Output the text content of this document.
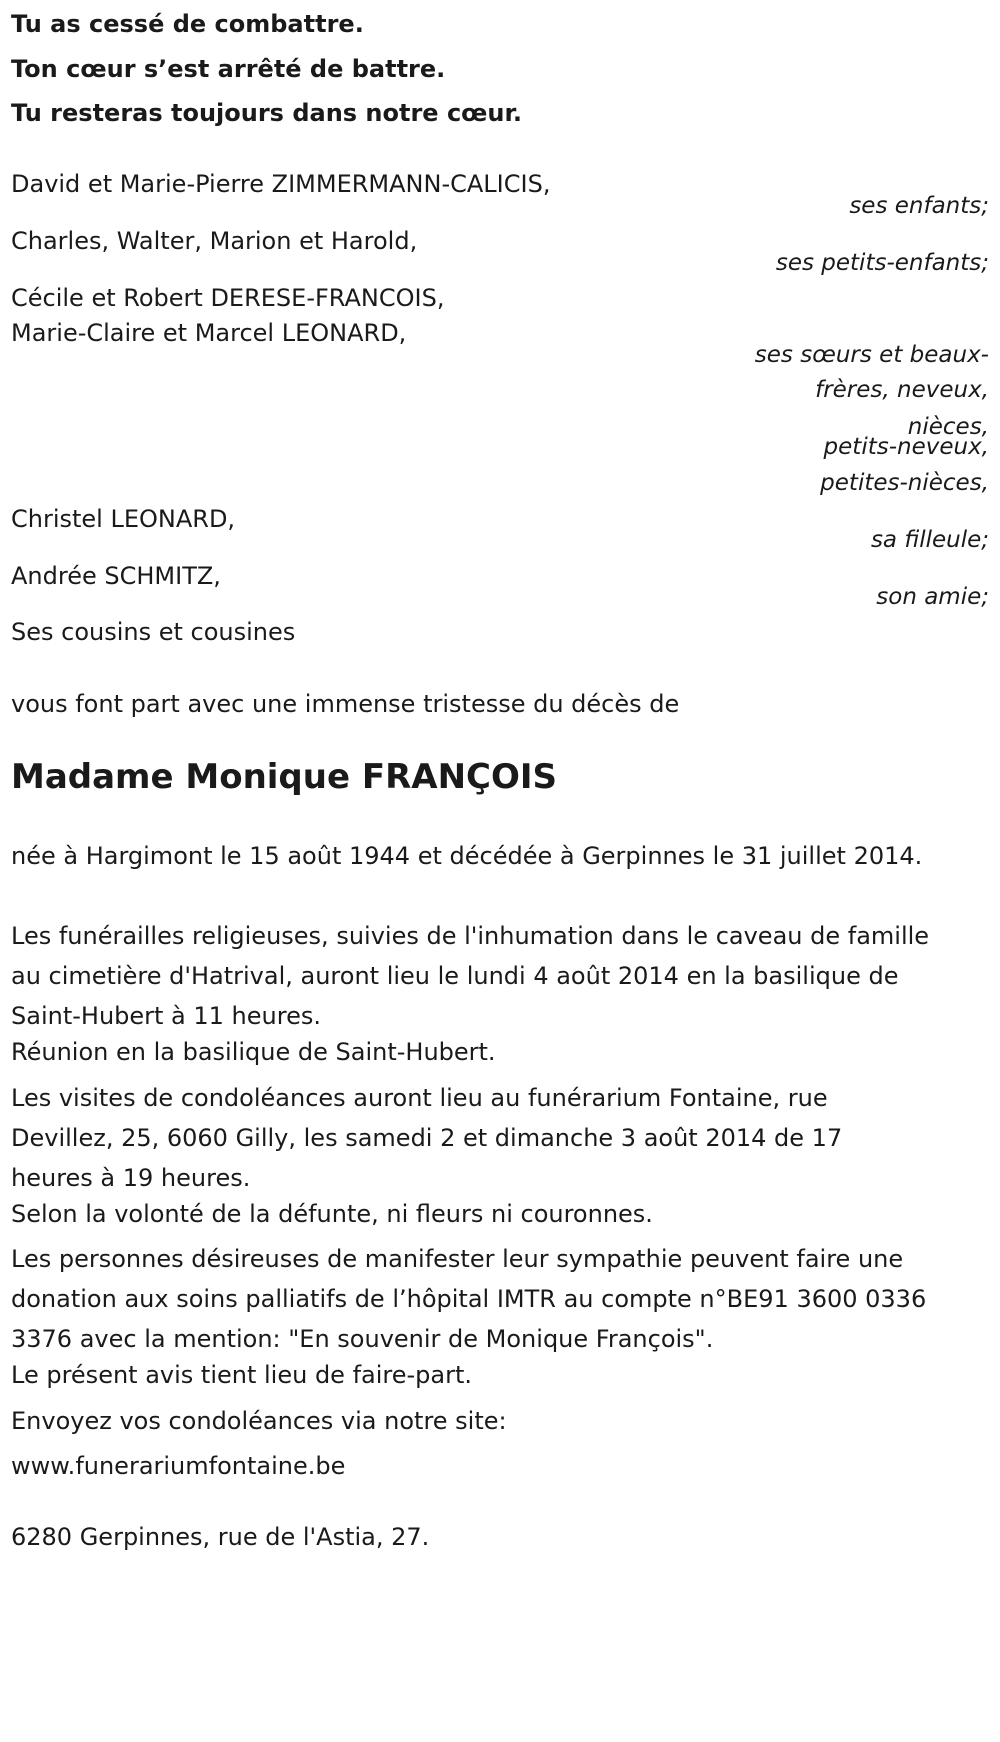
Tu as cessé de combattre.
Ton cœur s’est arrêté de battre.
Tu resteras toujours dans notre cœur.
David et Marie-Pierre ZIMMERMANN-CALICIS,
ses enfants;
Charles, Walter, Marion et Harold,
ses petits-enfants;
Cécile et Robert DERESE-FRANCOIS,
Marie-Claire et Marcel LEONARD,
ses sœurs et beaux-
frères, neveux,
nièces,
petits-neveux,
petites-nièces,
Christel LEONARD,
sa filleule;
Andrée SCHMITZ,
son amie;
Ses cousins et cousines
vous font part avec une immense tristesse du décès de
Madame Monique FRANÇOIS
née à Hargimont le 15 août 1944 et décédée à Gerpinnes le 31 juillet 2014.
Les funérailles religieuses, suivies de l'inhumation dans le caveau de famille au cimetière d'Hatrival, auront lieu le lundi 4 août 2014 en la basilique de Saint-Hubert à 11 heures.
Réunion en la basilique de Saint-Hubert.
Les visites de condoléances auront lieu au funérarium Fontaine, rue Devillez, 25, 6060 Gilly, les samedi 2 et dimanche 3 août 2014 de 17 heures à 19 heures.
Selon la volonté de la défunte, ni fleurs ni couronnes.
Les personnes désireuses de manifester leur sympathie peuvent faire une donation aux soins palliatifs de l’hôpital IMTR au compte n°BE91 3600 0336 3376 avec la mention: "En souvenir de Monique François".
Le présent avis tient lieu de faire-part.
Envoyez vos condoléances via notre site:
www.funerariumfontaine.be
6280 Gerpinnes, rue de l'Astia, 27.
